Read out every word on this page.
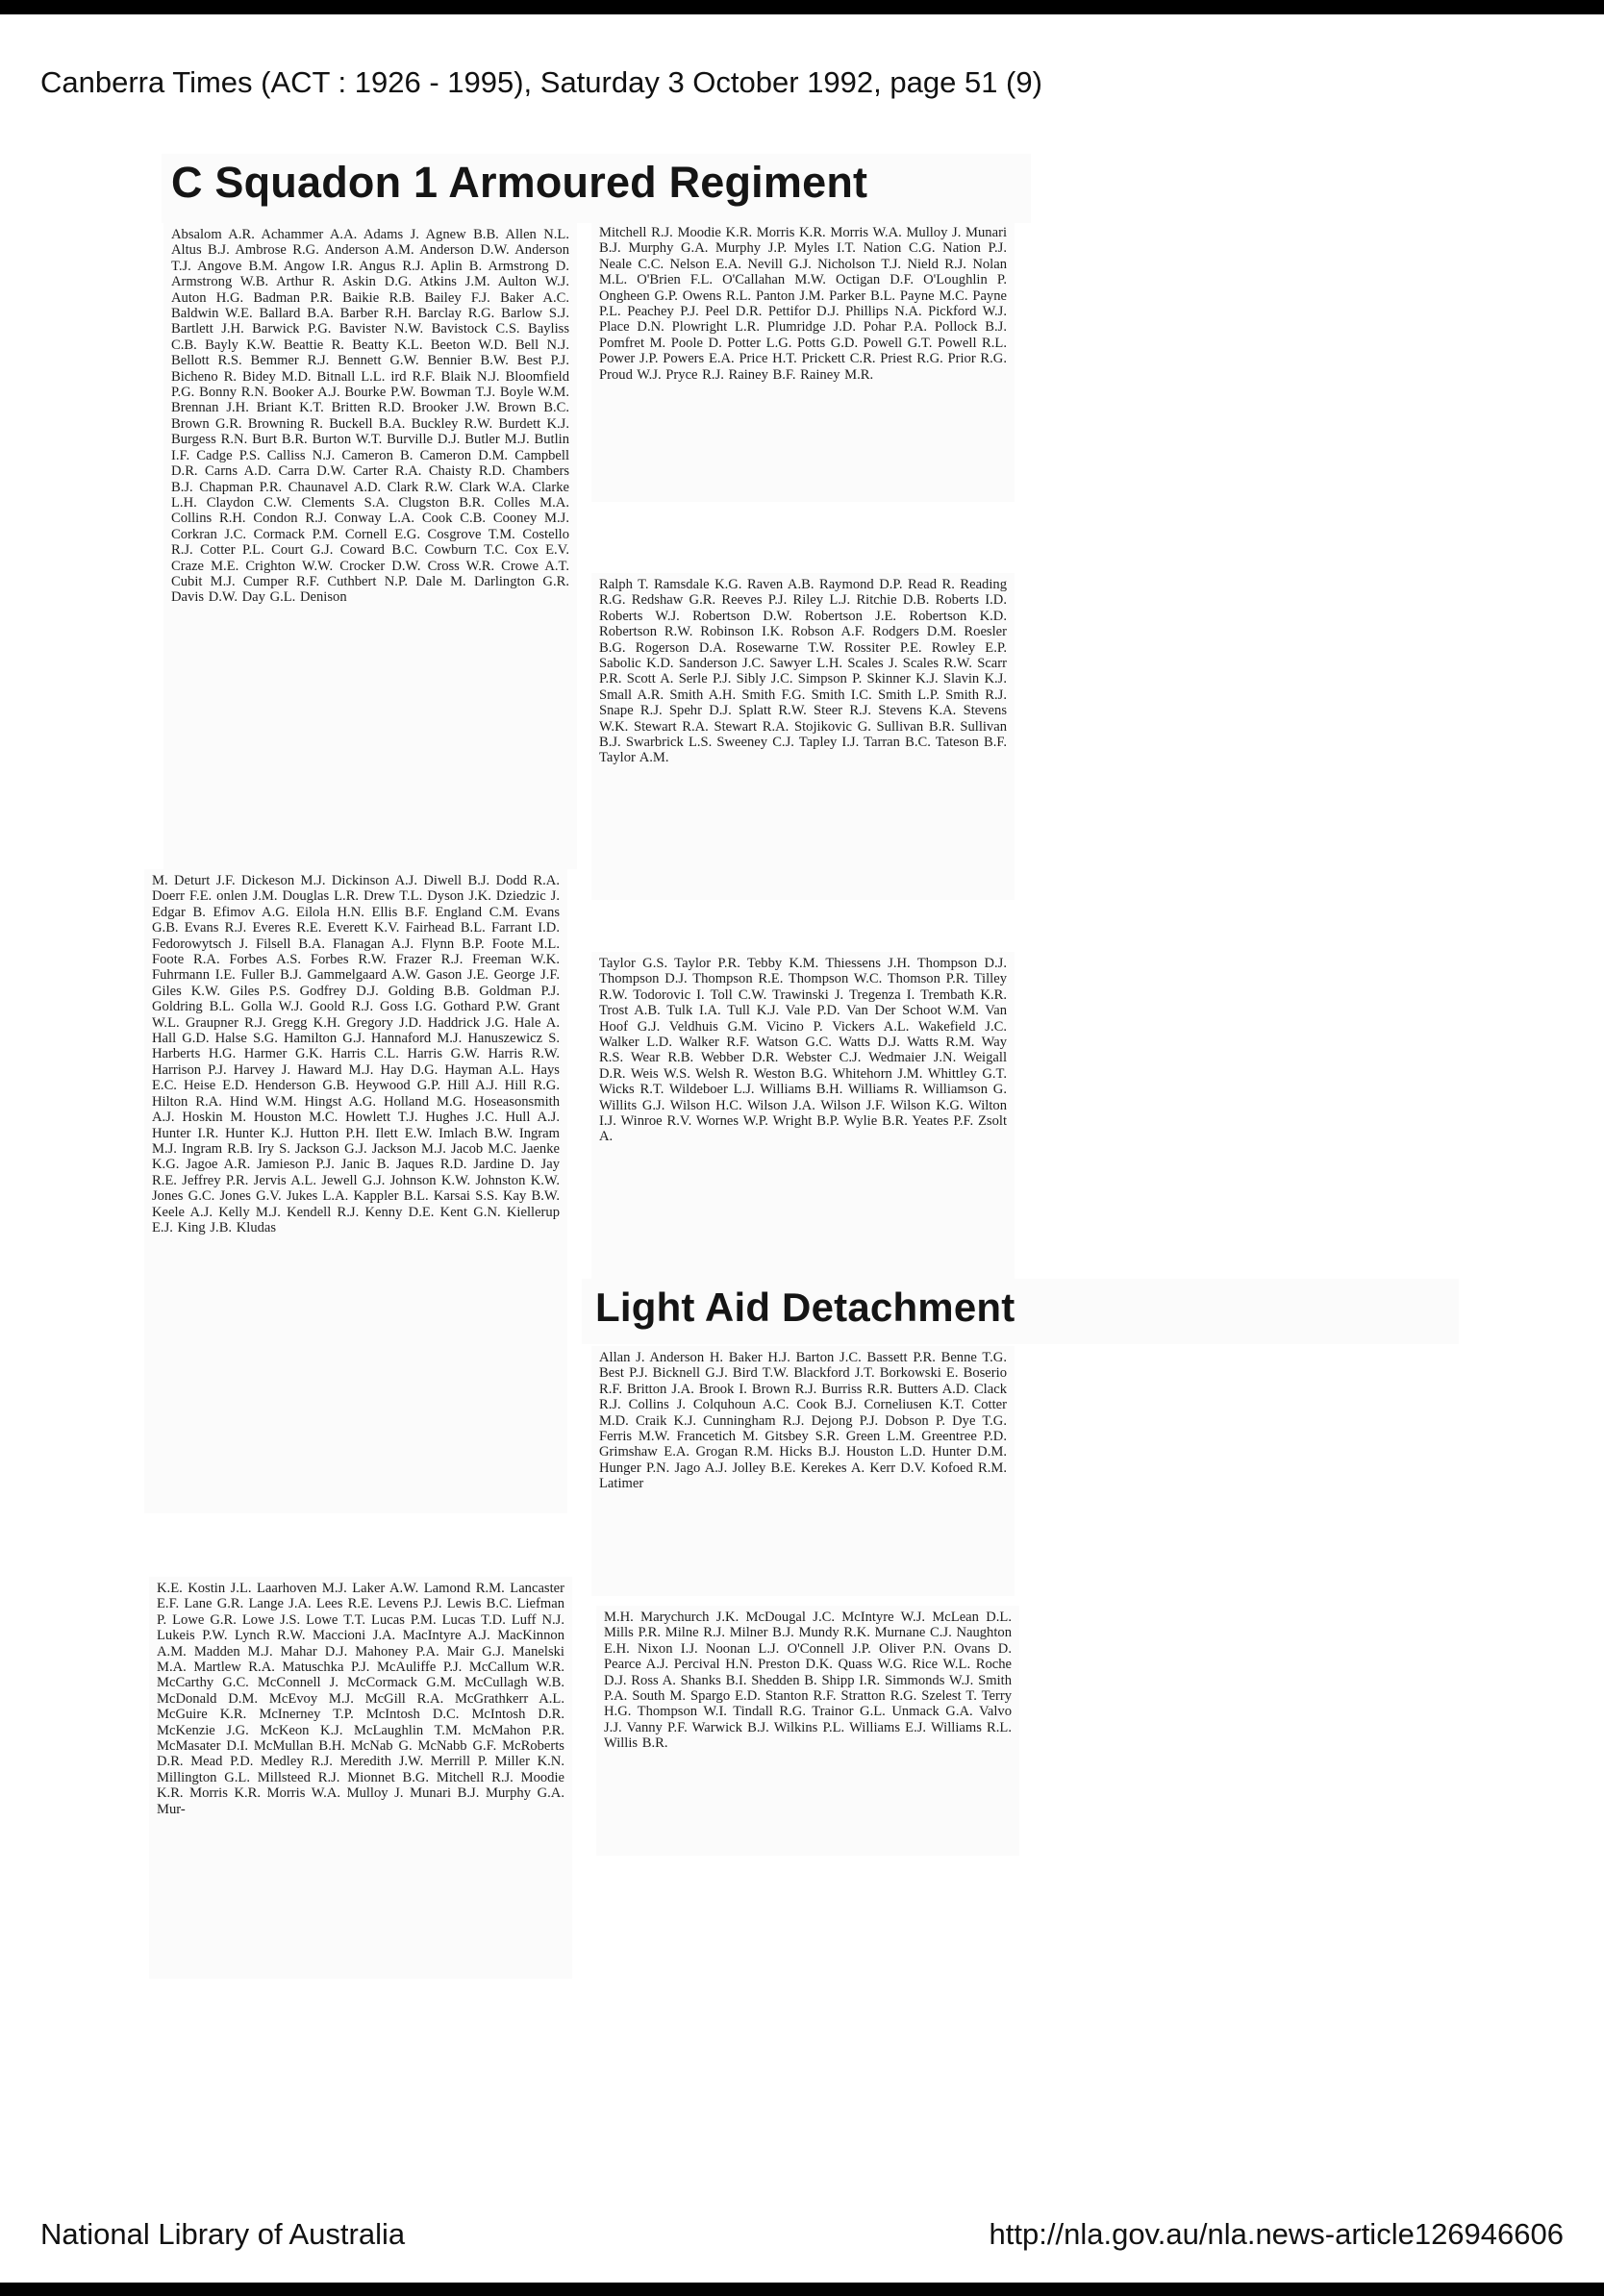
Canberra Times (ACT : 1926 - 1995), Saturday 3 October 1992, page 51 (9)
C Squadon 1 Armoured Regiment
Absalom A.R. Achammer A.A. Adams J. Agnew B.B. Allen N.L. Altus B.J. Ambrose R.G. Anderson A.M. Anderson D.W. Anderson T.J. Angove B.M. Angow I.R. Angus R.J. Aplin B. Armstrong D. Armstrong W.B. Arthur R. Askin D.G. Atkins J.M. Aulton W.J. Auton H.G. Badman P.R. Baikie R.B. Bailey F.J. Baker A.C. Baldwin W.E. Ballard B.A. Barber R.H. Barclay R.G. Barlow S.J. Bartlett J.H. Barwick P.G. Bavister N.W. Bavistock C.S. Bayliss C.B. Bayly K.W. Beattie R. Beatty K.L. Beeton W.D. Bell N.J. Bellott R.S. Bemmer R.J. Bennett G.W. Bennier B.W. Best P.J. Bicheno R. Bidey M.D. Bitnall L.L. ird R.F. Blaik N.J. Bloomfield P.G. Bonny R.N. Booker A.J. Bourke P.W. Bowman T.J. Boyle W.M. Brennan J.H. Briant K.T. Britten R.D. Brooker J.W. Brown B.C. Brown G.R. Browning R. Buckell B.A. Buckley R.W. Burdett K.J. Burgess R.N. Burt B.R. Burton W.T. Burville D.J. Butler M.J. Butlin I.F. Cadge P.S. Calliss N.J. Cameron B. Cameron D.M. Campbell D.R. Carns A.D. Carra D.W. Carter R.A. Chaisty R.D. Chambers B.J. Chapman P.R. Chaunavel A.D. Clark R.W. Clark W.A. Clarke L.H. Claydon C.W. Clements S.A. Clugston B.R. Colles M.A. Collins R.H. Condon R.J. Conway L.A. Cook C.B. Cooney M.J. Corkran J.C. Cormack P.M. Cornell E.G. Cosgrove T.M. Costello R.J. Cotter P.L. Court G.J. Coward B.C. Cowburn T.C. Cox E.V. Craze M.E. Crighton W.W. Crocker D.W. Cross W.R. Crowe A.T. Cubit M.J. Cumper R.F. Cuthbert N.P. Dale M. Darlington G.R. Davis D.W. Day G.L. Denison
M. Deturt J.F. Dickeson M.J. Dickinson A.J. Diwell B.J. Dodd R.A. Doerr F.E. onlen J.M. Douglas L.R. Drew T.L. Dyson J.K. Dziedzic J. Edgar B. Efimov A.G. Eilola H.N. Ellis B.F. England C.M. Evans G.B. Evans R.J. Everes R.E. Everett K.V. Fairhead B.L. Farrant I.D. Fedorowytsch J. Filsell B.A. Flanagan A.J. Flynn B.P. Foote M.L. Foote R.A. Forbes A.S. Forbes R.W. Frazer R.J. Freeman W.K. Fuhrmann I.E. Fuller B.J. Gammelgaard A.W. Gason J.E. George J.F. Giles K.W. Giles P.S. Godfrey D.J. Golding B.B. Goldman P.J. Goldring B.L. Golla W.J. Goold R.J. Goss I.G. Gothard P.W. Grant W.L. Graupner R.J. Gregg K.H. Gregory J.D. Haddrick J.G. Hale A. Hall G.D. Halse S.G. Hamilton G.J. Hannaford M.J. Hanuszewicz S. Harberts H.G. Harmer G.K. Harris C.L. Harris G.W. Harris R.W. Harrison P.J. Harvey J. Haward M.J. Hay D.G. Hayman A.L. Hays E.C. Heise E.D. Henderson G.B. Heywood G.P. Hill A.J. Hill R.G. Hilton R.A. Hind W.M. Hingst A.G. Holland M.G. Hoseasonsmith A.J. Hoskin M. Houston M.C. Howlett T.J. Hughes J.C. Hull A.J. Hunter I.R. Hunter K.J. Hutton P.H. Ilett E.W. Imlach B.W. Ingram M.J. Ingram R.B. Iry S. Jackson G.J. Jackson M.J. Jacob M.C. Jaenke K.G. Jagoe A.R. Jamieson P.J. Janic B. Jaques R.D. Jardine D. Jay R.E. Jeffrey P.R. Jervis A.L. Jewell G.J. Johnson K.W. Johnston K.W. Jones G.C. Jones G.V. Jukes L.A. Kappler B.L. Karsai S.S. Kay B.W. Keele A.J. Kelly M.J. Kendell R.J. Kenny D.E. Kent G.N. Kiellerup E.J. King J.B. Kludas
K.E. Kostin J.L. Laarhoven M.J. Laker A.W. Lamond R.M. Lancaster E.F. Lane G.R. Lange J.A. Lees R.E. Levens P.J. Lewis B.C. Liefman P. Lowe G.R. Lowe J.S. Lowe T.T. Lucas P.M. Lucas T.D. Luff N.J. Lukeis P.W. Lynch R.W. Maccioni J.A. MacIntyre A.J. MacKinnon A.M. Madden M.J. Mahar D.J. Mahoney P.A. Mair G.J. Manelski M.A. Martlew R.A. Matuschka P.J. McAuliffe P.J. McCallum W.R. McCarthy G.C. McConnell J. McCormack G.M. McCullagh W.B. McDonald D.M. McEvoy M.J. McGill R.A. McGrathkerr A.L. McGuire K.R. McInerney T.P. McIntosh D.C. McIntosh D.R. McKenzie J.G. McKeon K.J. McLaughlin T.M. McMahon P.R. McMasater D.I. McMullan B.H. McNab G. McNabb G.F. McRoberts D.R. Mead P.D. Medley R.J. Meredith J.W. Merrill P. Miller K.N. Millington G.L. Millsteed R.J. Mionnet B.G. Mitchell R.J. Moodie K.R. Morris K.R. Morris W.A. Mulloy J. Munari B.J. Murphy G.A. Mur-
Mitchell R.J. Moodie K.R. Morris K.R. Morris W.A. Mulloy J. Munari B.J. Murphy G.A. Murphy J.P. Myles I.T. Nation C.G. Nation P.J. Neale C.C. Nelson E.A. Nevill G.J. Nicholson T.J. Nield R.J. Nolan M.L. O'Brien F.L. O'Callahan M.W. Octigan D.F. O'Loughlin P. Ongheen G.P. Owens R.L. Panton J.M. Parker B.L. Payne M.C. Payne P.L. Peachey P.J. Peel D.R. Pettifor D.J. Phillips N.A. Pickford W.J. Place D.N. Plowright L.R. Plumridge J.D. Pohar P.A. Pollock B.J. Pomfret M. Poole D. Potter L.G. Potts G.D. Powell G.T. Powell R.L. Power J.P. Powers E.A. Price H.T. Prickett C.R. Priest R.G. Prior R.G. Proud W.J. Pryce R.J. Rainey B.F. Rainey M.R.
Ralph T. Ramsdale K.G. Raven A.B. Raymond D.P. Read R. Reading R.G. Redshaw G.R. Reeves P.J. Riley L.J. Ritchie D.B. Roberts I.D. Roberts W.J. Robertson D.W. Robertson J.E. Robertson K.D. Robertson R.W. Robinson I.K. Robson A.F. Rodgers D.M. Roesler B.G. Rogerson D.A. Rosewarne T.W. Rossiter P.E. Rowley E.P. Sabolic K.D. Sanderson J.C. Sawyer L.H. Scales J. Scales R.W. Scarr P.R. Scott A. Serle P.J. Sibly J.C. Simpson P. Skinner K.J. Slavin K.J. Small A.R. Smith A.H. Smith F.G. Smith I.C. Smith L.P. Smith R.J. Snape R.J. Spehr D.J. Splatt R.W. Steer R.J. Stevens K.A. Stevens W.K. Stewart R.A. Stewart R.A. Stojikovic G. Sullivan B.R. Sullivan B.J. Swarbrick L.S. Sweeney C.J. Tapley I.J. Tarran B.C. Tateson B.F. Taylor A.M.
Taylor G.S. Taylor P.R. Tebby K.M. Thiessens J.H. Thompson D.J. Thompson D.J. Thompson R.E. Thompson W.C. Thomson P.R. Tilley R.W. Todorovic I. Toll C.W. Trawinski J. Tregenza I. Trembath K.R. Trost A.B. Tulk I.A. Tull K.J. Vale P.D. Van Der Schoot W.M. Van Hoof G.J. Veldhuis G.M. Vicino P. Vickers A.L. Wakefield J.C. Walker L.D. Walker R.F. Watson G.C. Watts D.J. Watts R.M. Way R.S. Wear R.B. Webber D.R. Webster C.J. Wedmaier J.N. Weigall D.R. Weis W.S. Welsh R. Weston B.G. Whitehorn J.M. Whittley G.T. Wicks R.T. Wildeboer L.J. Williams B.H. Williams R. Williamson G. Willits G.J. Wilson H.C. Wilson J.A. Wilson J.F. Wilson K.G. Wilton I.J. Winroe R.V. Wornes W.P. Wright B.P. Wylie B.R. Yeates P.F. Zsolt A.
Light Aid Detachment
Allan J. Anderson H. Baker H.J. Barton J.C. Bassett P.R. Benne T.G. Best P.J. Bicknell G.J. Bird T.W. Blackford J.T. Borkowski E. Boserio R.F. Britton J.A. Brook I. Brown R.J. Burriss R.R. Butters A.D. Clack R.J. Collins J. Colquhoun A.C. Cook B.J. Corneliusen K.T. Cotter M.D. Craik K.J. Cunningham R.J. Dejong P.J. Dobson P. Dye T.G. Ferris M.W. Francetich M. Gitsbey S.R. Green L.M. Greentree P.D. Grimshaw E.A. Grogan R.M. Hicks B.J. Houston L.D. Hunter D.M. Hunger P.N. Jago A.J. Jolley B.E. Kerekes A. Kerr D.V. Kofoed R.M. Latimer
M.H. Marychurch J.K. McDougal J.C. McIntyre W.J. McLean D.L. Mills P.R. Milne R.J. Milner B.J. Mundy R.K. Murnane C.J. Naughton E.H. Nixon I.J. Noonan L.J. O'Connell J.P. Oliver P.N. Ovans D. Pearce A.J. Percival H.N. Preston D.K. Quass W.G. Rice W.L. Roche D.J. Ross A. Shanks B.I. Shedden B. Shipp I.R. Simmonds W.J. Smith P.A. South M. Spargo E.D. Stanton R.F. Stratton R.G. Szelest T. Terry H.G. Thompson W.I. Tindall R.G. Trainor G.L. Unmack G.A. Valvo J.J. Vanny P.F. Warwick B.J. Wilkins P.L. Williams E.J. Williams R.L. Willis B.R.
National Library of Australia	http://nla.gov.au/nla.news-article126946606
